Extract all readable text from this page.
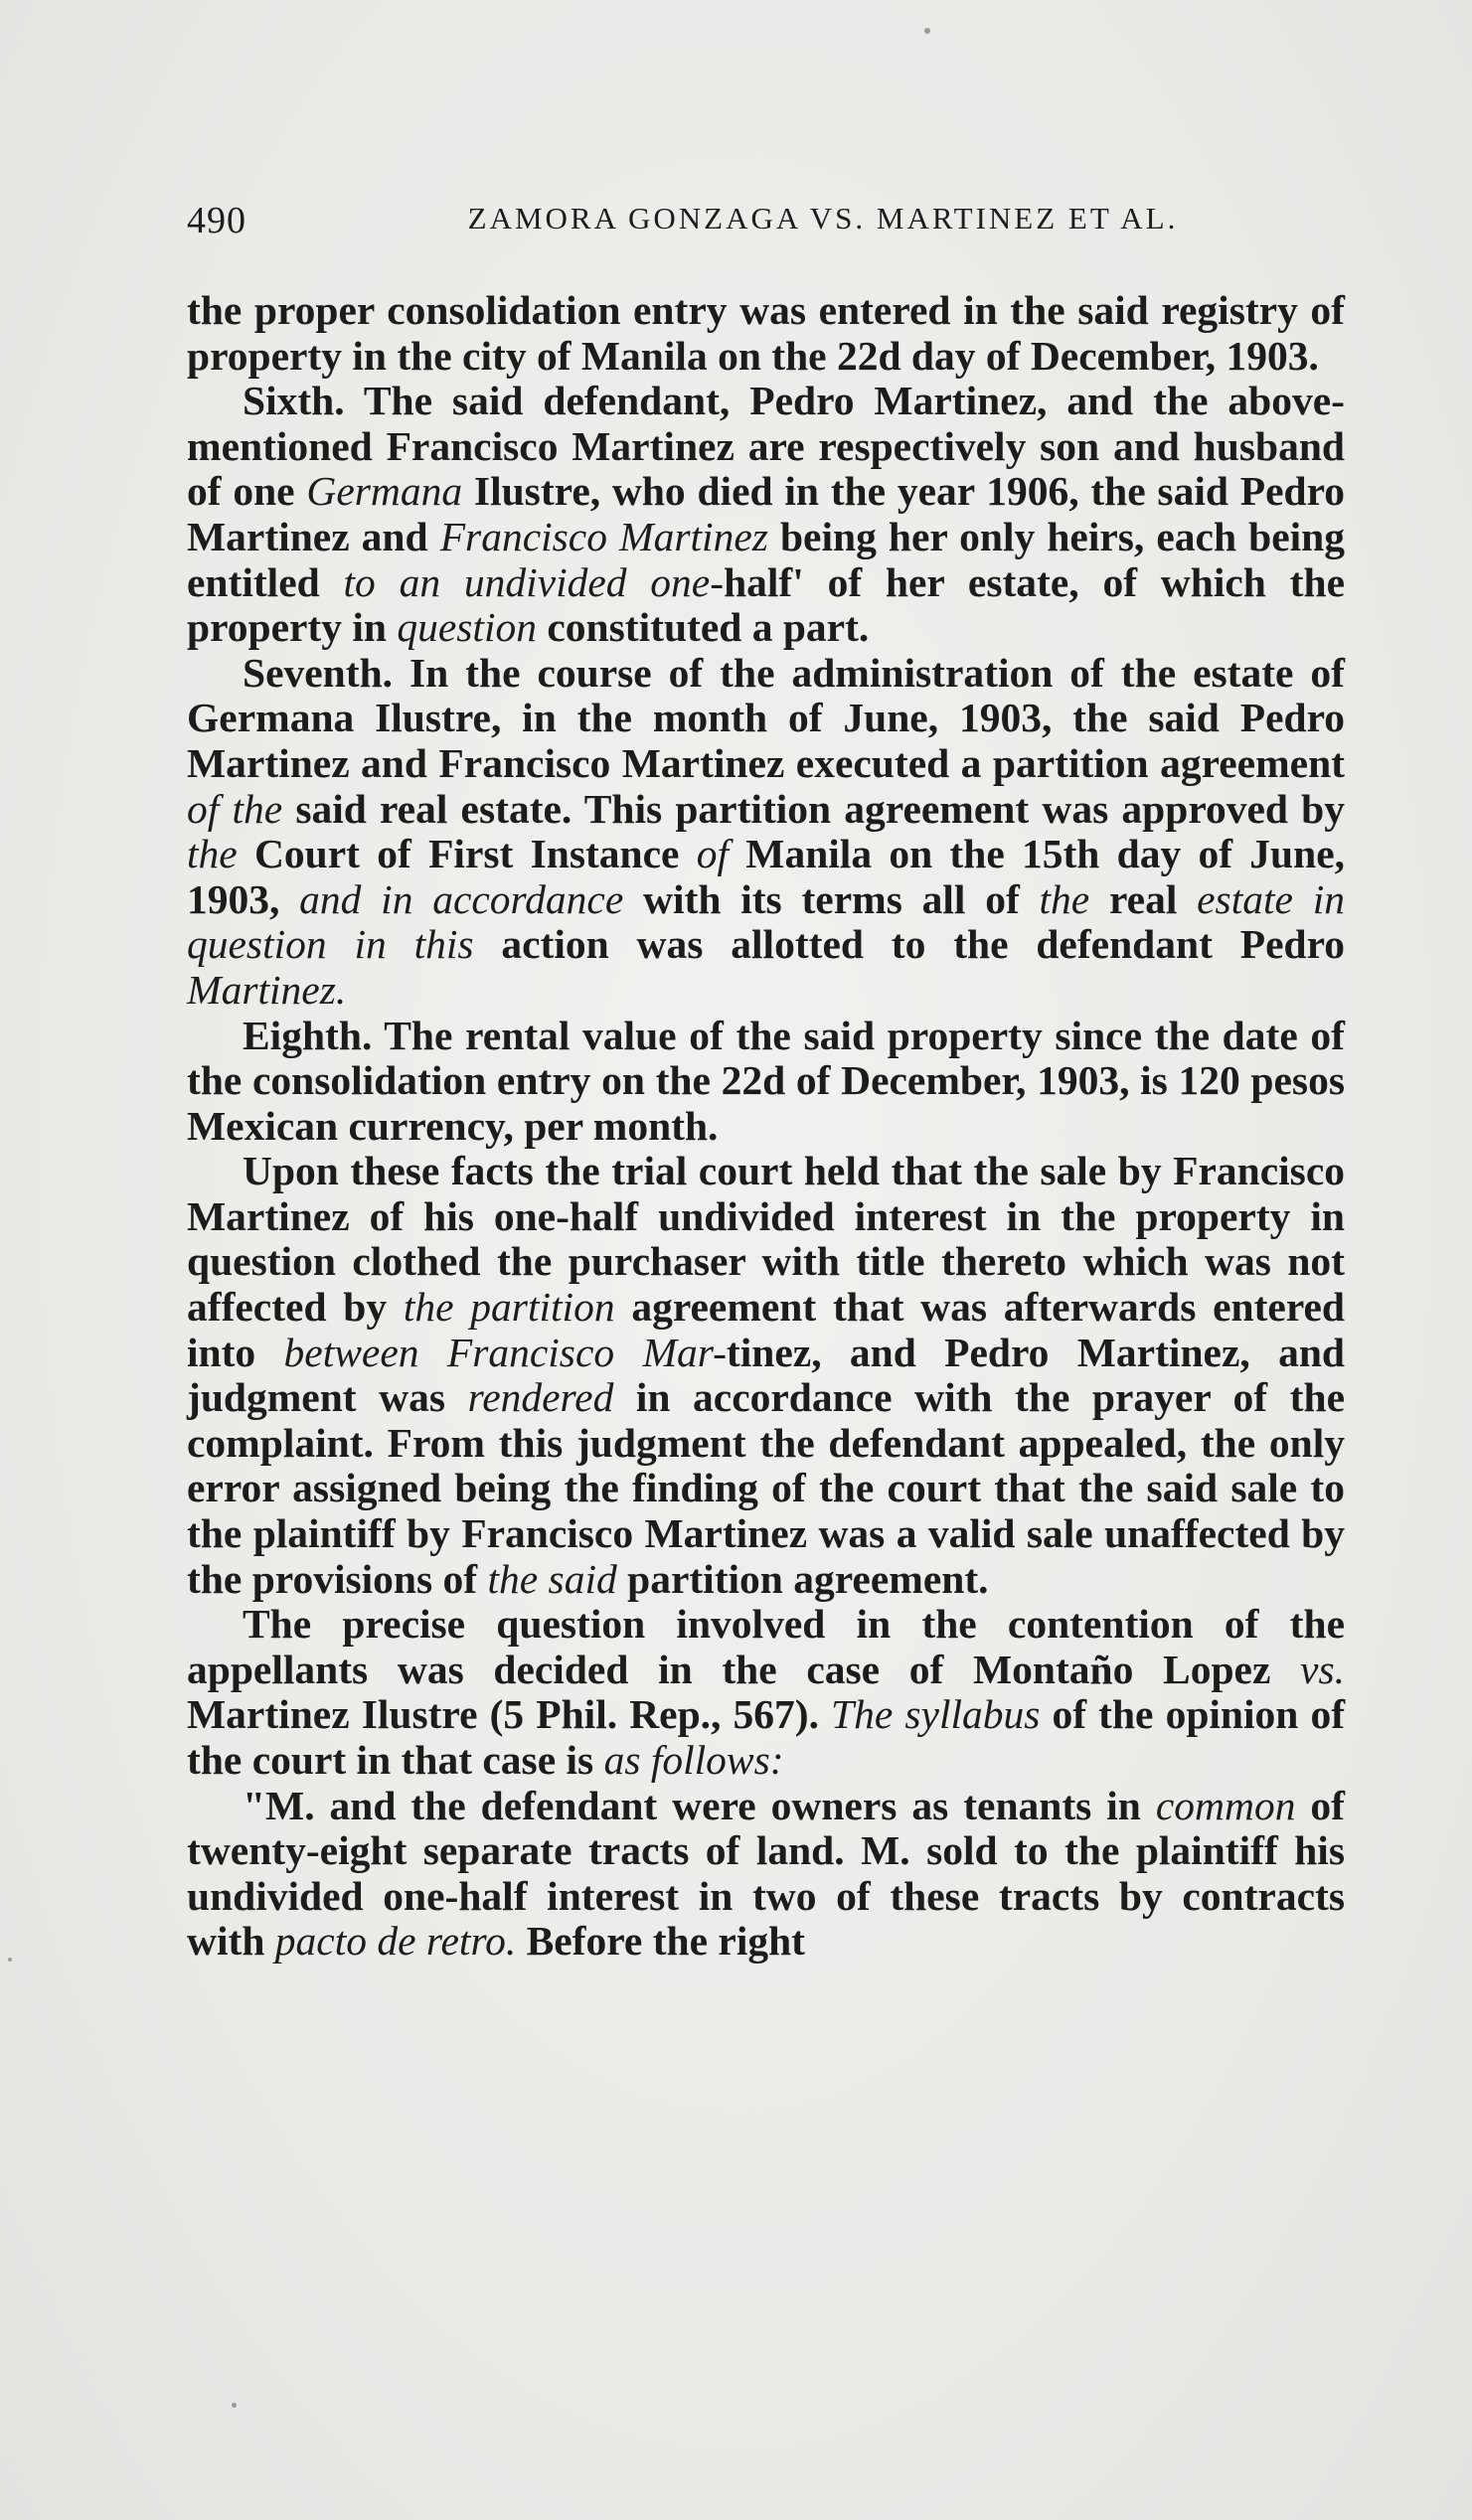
490	ZAMORA GONZAGA VS. MARTINEZ ET AL.

the proper consolidation entry was entered in the said registry of property in the city of Manila on the 22d day of December, 1903.

Sixth. The said defendant, Pedro Martinez, and the above-mentioned Francisco Martinez are respectively son and husband of one Germana Ilustre, who died in the year 1906, the said Pedro Martinez and Francisco Martinez being her only heirs, each being entitled to an undivided one-half' of her estate, of which the property in question constituted a part.

Seventh. In the course of the administration of the estate of Germana Ilustre, in the month of June, 1903, the said Pedro Martinez and Francisco Martinez executed a partition agreement of the said real estate. This partition agreement was approved by the Court of First Instance of Manila on the 15th day of June, 1903, and in accordance with its terms all of the real estate in question in this action was allotted to the defendant Pedro Martinez.

Eighth. The rental value of the said property since the date of the consolidation entry on the 22d of December, 1903, is 120 pesos Mexican currency, per month.

Upon these facts the trial court held that the sale by Francisco Martinez of his one-half undivided interest in the property in question clothed the purchaser with title thereto which was not affected by the partition agreement that was afterwards entered into between Francisco Mar-tinez, and Pedro Martinez, and judgment was rendered in accordance with the prayer of the complaint. From this judgment the defendant appealed, the only error assigned being the finding of the court that the said sale to the plaintiff by Francisco Martinez was a valid sale unaffected by the provisions of the said partition agreement.

The precise question involved in the contention of the appellants was decided in the case of Montaño Lopez vs. Martinez Ilustre (5 Phil. Rep., 567). The syllabus of the opinion of the court in that case is as follows:

"M. and the defendant were owners as tenants in common of twenty-eight separate tracts of land. M. sold to the plaintiff his undivided one-half interest in two of these tracts by contracts with pacto de retro. Before the right
